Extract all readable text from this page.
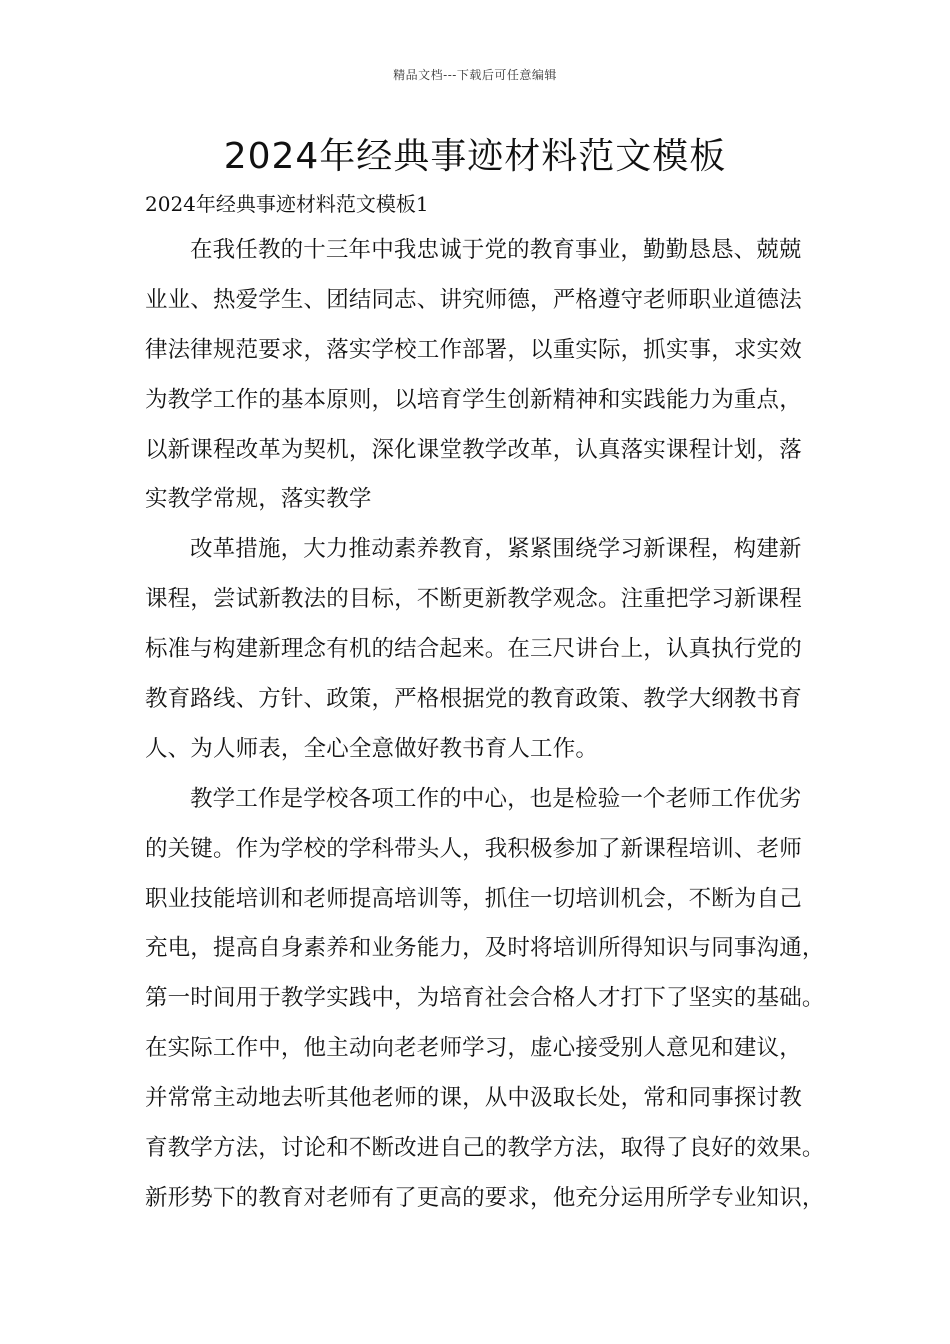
精品文档---下载后可任意编辑
2024年经典事迹材料范文模板
2024年经典事迹材料范文模板1
在我任教的十三年中我忠诚于党的教育事业，勤勤恳恳、兢兢
业业、热爱学生、团结同志、讲究师德，严格遵守老师职业道德法
律法律规范要求，落实学校工作部署，以重实际，抓实事，求实效
为教学工作的基本原则，以培育学生创新精神和实践能力为重点，
以新课程改革为契机，深化课堂教学改革，认真落实课程计划，落
实教学常规，落实教学
改革措施，大力推动素养教育，紧紧围绕学习新课程，构建新
课程，尝试新教法的目标，不断更新教学观念。注重把学习新课程
标准与构建新理念有机的结合起来。在三尺讲台上，认真执行党的
教育路线、方针、政策，严格根据党的教育政策、教学大纲教书育
人、为人师表，全心全意做好教书育人工作。
教学工作是学校各项工作的中心，也是检验一个老师工作优劣
的关键。作为学校的学科带头人，我积极参加了新课程培训、老师
职业技能培训和老师提高培训等，抓住一切培训机会，不断为自己
充电，提高自身素养和业务能力，及时将培训所得知识与同事沟通，
第一时间用于教学实践中，为培育社会合格人才打下了坚实的基础。
在实际工作中，他主动向老老师学习，虚心接受别人意见和建议，
并常常主动地去听其他老师的课，从中汲取长处，常和同事探讨教
育教学方法，讨论和不断改进自己的教学方法，取得了良好的效果。
新形势下的教育对老师有了更高的要求，他充分运用所学专业知识，
